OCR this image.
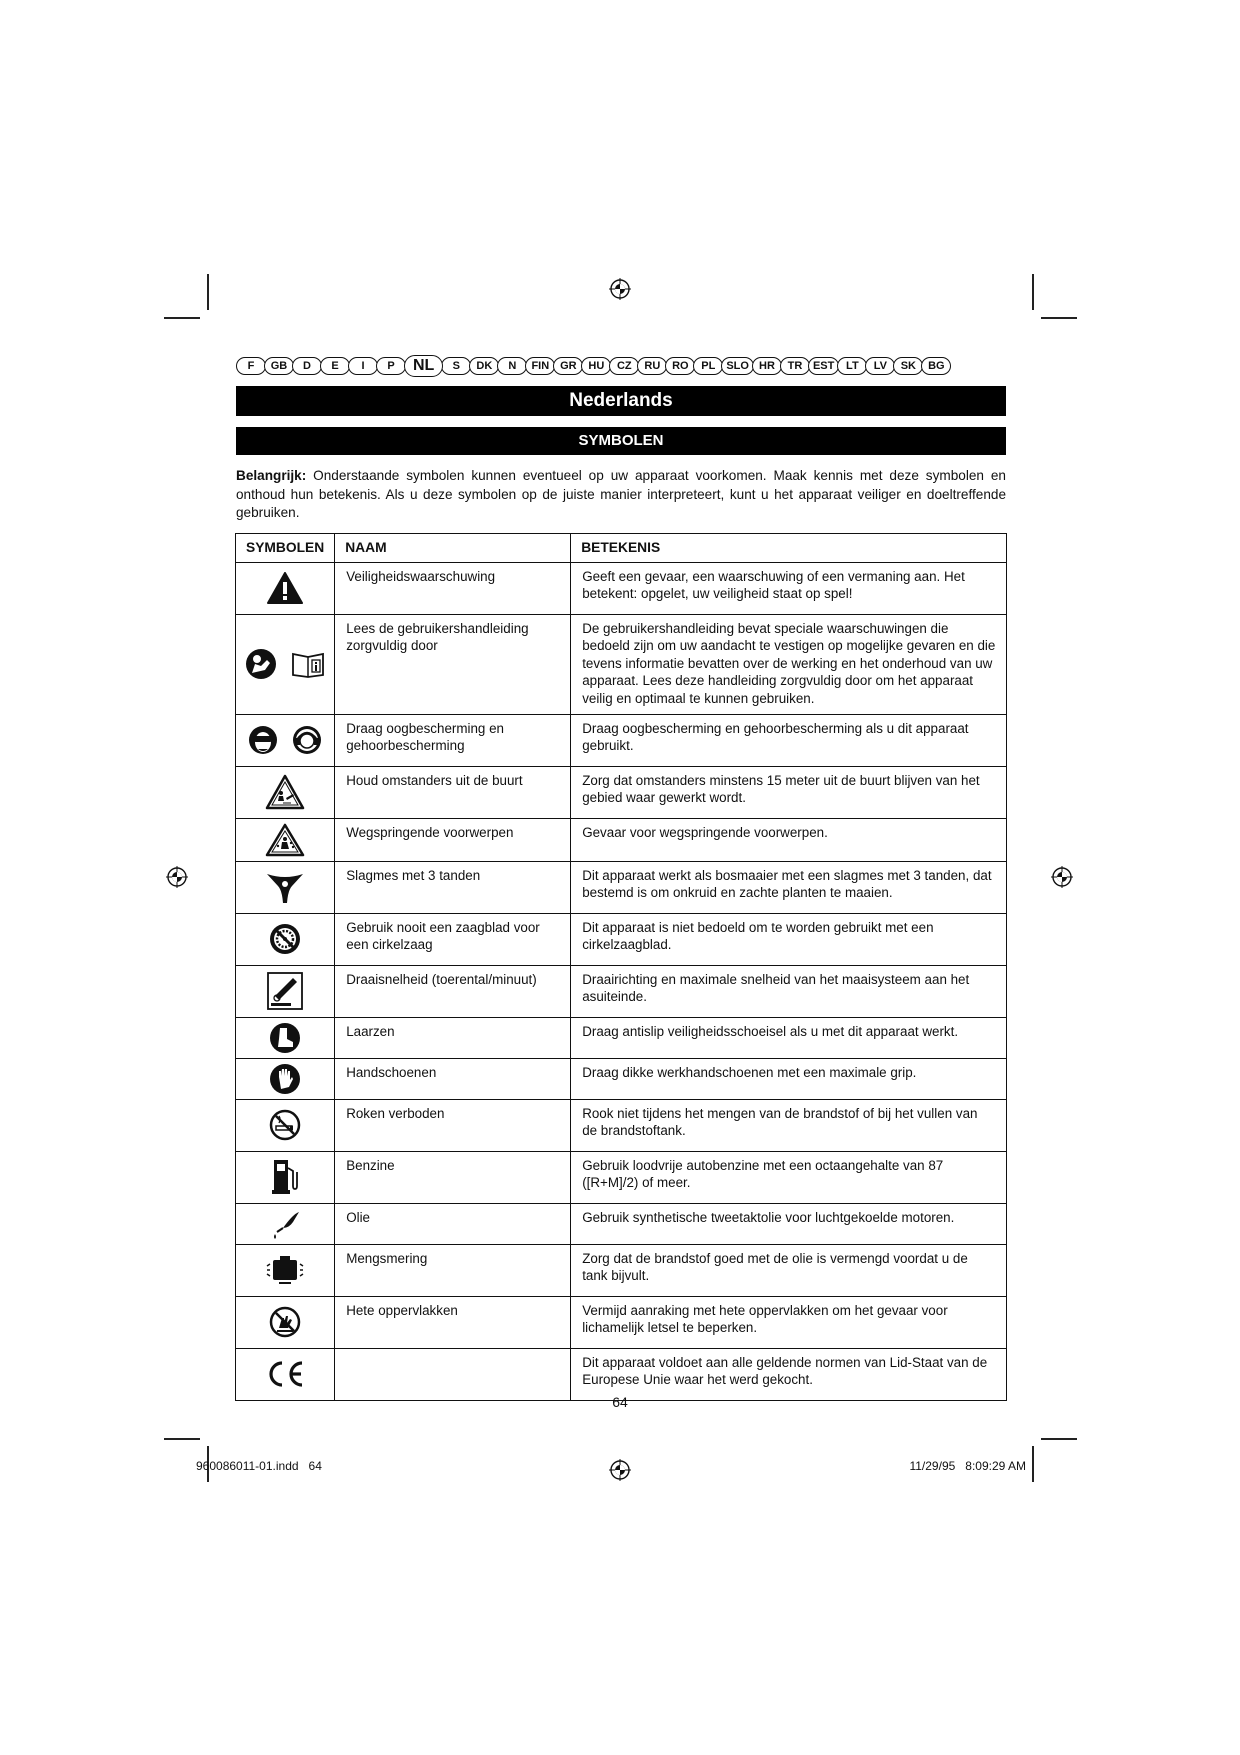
F	GB	D	E	I	P	NL	S	DK	N	FIN GR	HU	CZ	RU	RO	PL SLO HR	TR EST	LT	LV	SK	BG
Nederlands
SYMBOLEN

Belangrijk: Onderstaande symbolen kunnen eventueel op uw apparaat voorkomen. Maak kennis met deze symbolen en onthoud hun betekenis. Als u deze symbolen op de juiste manier interpreteert, kunt u het apparaat veiliger en doeltreffende gebruiken.

SYMBOLEN	NAAM	BETEKENIS

	Veiligheidswaarschuwing	Geeft een gevaar, een waarschuwing of een vermaning aan. Het betekent: opgelet, uw veiligheid staat op spel!

	Lees de gebruikershandleiding zorgvuldig door	De gebruikershandleiding bevat speciale waarschuwingen die bedoeld zijn om uw aandacht te vestigen op mogelijke gevaren en die tevens informatie bevatten over de werking en het onderhoud van uw apparaat. Lees deze handleiding zorgvuldig door om het apparaat veilig en optimaal te kunnen gebruiken.

	Draag oogbescherming en gehoorbescherming	Draag oogbescherming en gehoorbescherming als u dit apparaat gebruikt.

	Houd omstanders uit de buurt	Zorg dat omstanders minstens 15 meter uit de buurt blijven van het gebied waar gewerkt wordt.

	Wegspringende voorwerpen	Gevaar voor wegspringende voorwerpen.

	Slagmes met 3 tanden	Dit apparaat werkt als bosmaaier met een slagmes met 3 tanden, dat bestemd is om onkruid en zachte planten te maaien.

	Gebruik nooit een zaagblad voor een cirkelzaag	Dit apparaat is niet bedoeld om te worden gebruikt met een cirkelzaagblad.

	Draaisnelheid (toerental/minuut)	Draairichting en maximale snelheid van het maaisysteem aan het asuiteinde.

	Laarzen	Draag antislip veiligheidsschoeisel als u met dit apparaat werkt.

	Handschoenen	Draag dikke werkhandschoenen met een maximale grip.

	Roken verboden	Rook niet tijdens het mengen van de brandstof of bij het vullen van de brandstoftank.

	Benzine	Gebruik loodvrije autobenzine met een octaangehalte van 87 ([R+M]/2) of meer.

	Olie	Gebruik synthetische tweetaktolie voor luchtgekoelde motoren.

	Mengsmering	Zorg dat de brandstof goed met de olie is vermengd voordat u de tank bijvult.

	Hete oppervlakken	Vermijd aanraking met hete oppervlakken om het gevaar voor lichamelijk letsel te beperken.

		Dit apparaat voldoet aan alle geldende normen van Lid-Staat van de Europese Unie waar het werd gekocht.
64
960086011-01.indd   64	11/29/95   8:09:29 AM
